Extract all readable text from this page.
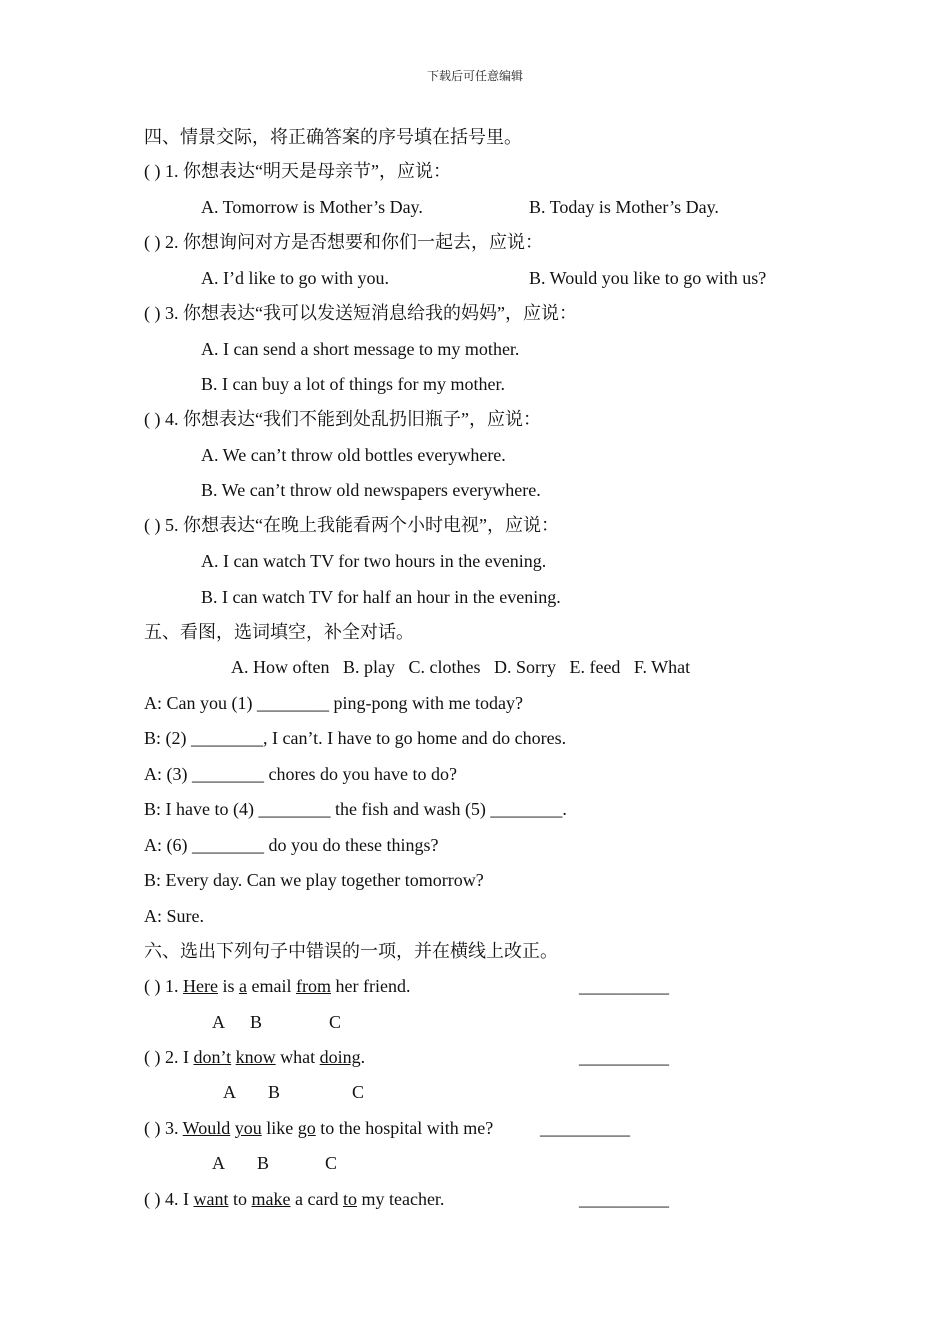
下载后可任意编辑
四、情景交际，将正确答案的序号填在括号里。
( ) 1. 你想表达“明天是母亲节”，应说：
A. Tomorrow is Mother’s Day.	B. Today is Mother’s Day.
( ) 2. 你想询问对方是否想要和你们一起去，应说：
A. I’d like to go with you.	B. Would you like to go with us?
( ) 3. 你想表达“我可以发送短消息给我的妈妈”，应说：
A. I can send a short message to my mother.
B. I can buy a lot of things for my mother.
( ) 4. 你想表达“我们不能到处乱扔旧瓶子”，应说：
A. We can’t throw old bottles everywhere.
B. We can’t throw old newspapers everywhere.
( ) 5. 你想表达“在晚上我能看两个小时电视”，应说：
A. I can watch TV for two hours in the evening.
B. I can watch TV for half an hour in the evening.
五、看图，选词填空，补全对话。
A. How often   B. play   C. clothes   D. Sorry   E. feed   F. What
A: Can you (1) ________ ping-pong with me today?
B: (2) ________, I can’t. I have to go home and do chores.
A: (3) ________ chores do you have to do?
B: I have to (4) ________ the fish and wash (5) ________.
A: (6) ________ do you do these things?
B: Every day. Can we play together tomorrow?
A: Sure.
六、选出下列句子中错误的一项，并在横线上改正。
( ) 1. Here is a email from her friend.	__________
A B	C
( ) 2. I don’t know what doing.	__________
A B	C
( ) 3. Would you like go to the hospital with me?	__________
A B	C
( ) 4. I want to make a card to my teacher.	__________
